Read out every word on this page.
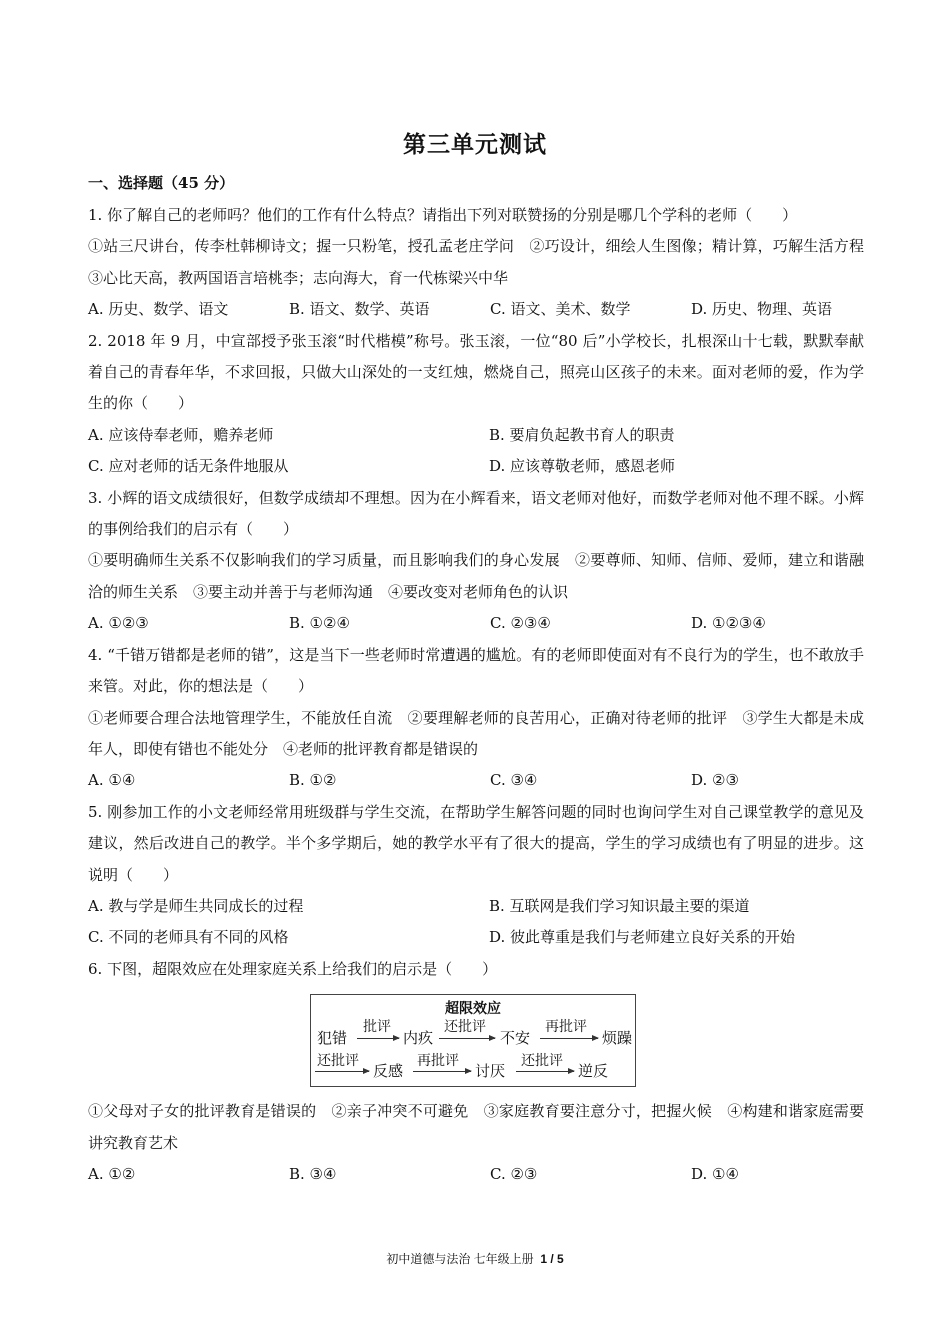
第三单元测试
一、选择题（45 分）

1. 你了解自己的老师吗？他们的工作有什么特点？请指出下列对联赞扬的分别是哪几个学科的老师（　　）

①站三尺讲台，传李杜韩柳诗文；握一只粉笔，授孔孟老庄学问　②巧设计，细绘人生图像；精计算，巧解生活方程　③心比天高，教两国语言培桃李；志向海大，育一代栋梁兴中华

A. 历史、数学、语文	B. 语文、数学、英语	C. 语文、美术、数学	D. 历史、物理、英语

2. 2018 年 9 月，中宣部授予张玉滚“时代楷模”称号。张玉滚，一位“80 后”小学校长，扎根深山十七载，默默奉献着自己的青春年华，不求回报，只做大山深处的一支红烛，燃烧自己，照亮山区孩子的未来。面对老师的爱，作为学生的你（　　）

A. 应该侍奉老师，赡养老师	B. 要肩负起教书育人的职责
C. 应对老师的话无条件地服从	D. 应该尊敬老师，感恩老师

3. 小辉的语文成绩很好，但数学成绩却不理想。因为在小辉看来，语文老师对他好，而数学老师对他不理不睬。小辉的事例给我们的启示有（　　）

①要明确师生关系不仅影响我们的学习质量，而且影响我们的身心发展　②要尊师、知师、信师、爱师，建立和谐融洽的师生关系　③要主动并善于与老师沟通　④要改变对老师角色的认识

A. ①②③	B. ①②④	C. ②③④	D. ①②③④

4. “千错万错都是老师的错”，这是当下一些老师时常遭遇的尴尬。有的老师即使面对有不良行为的学生，也不敢放手来管。对此，你的想法是（　　）

①老师要合理合法地管理学生，不能放任自流　②要理解老师的良苦用心，正确对待老师的批评　③学生大都是未成年人，即使有错也不能处分　④老师的批评教育都是错误的

A. ①④	B. ①②	C. ③④	D. ②③

5. 刚参加工作的小文老师经常用班级群与学生交流，在帮助学生解答问题的同时也询问学生对自己课堂教学的意见及建议，然后改进自己的教学。半个多学期后，她的教学水平有了很大的提高，学生的学习成绩也有了明显的进步。这说明（　　）

A. 教与学是师生共同成长的过程	B. 互联网是我们学习知识最主要的渠道
C. 不同的老师具有不同的风格	D. 彼此尊重是我们与老师建立良好关系的开始

6. 下图，超限效应在处理家庭关系上给我们的启示是（　　）

超限效应
犯错
批评
内疚
还批评
不安
再批评
烦躁
还批评
反感
再批评
讨厌
还批评
逆反

①父母对子女的批评教育是错误的　②亲子冲突不可避免　③家庭教育要注意分寸，把握火候　④构建和谐家庭需要讲究教育艺术

A. ①②	B. ③④	C. ②③	D. ①④
初中道德与法治 七年级上册 1 / 5
